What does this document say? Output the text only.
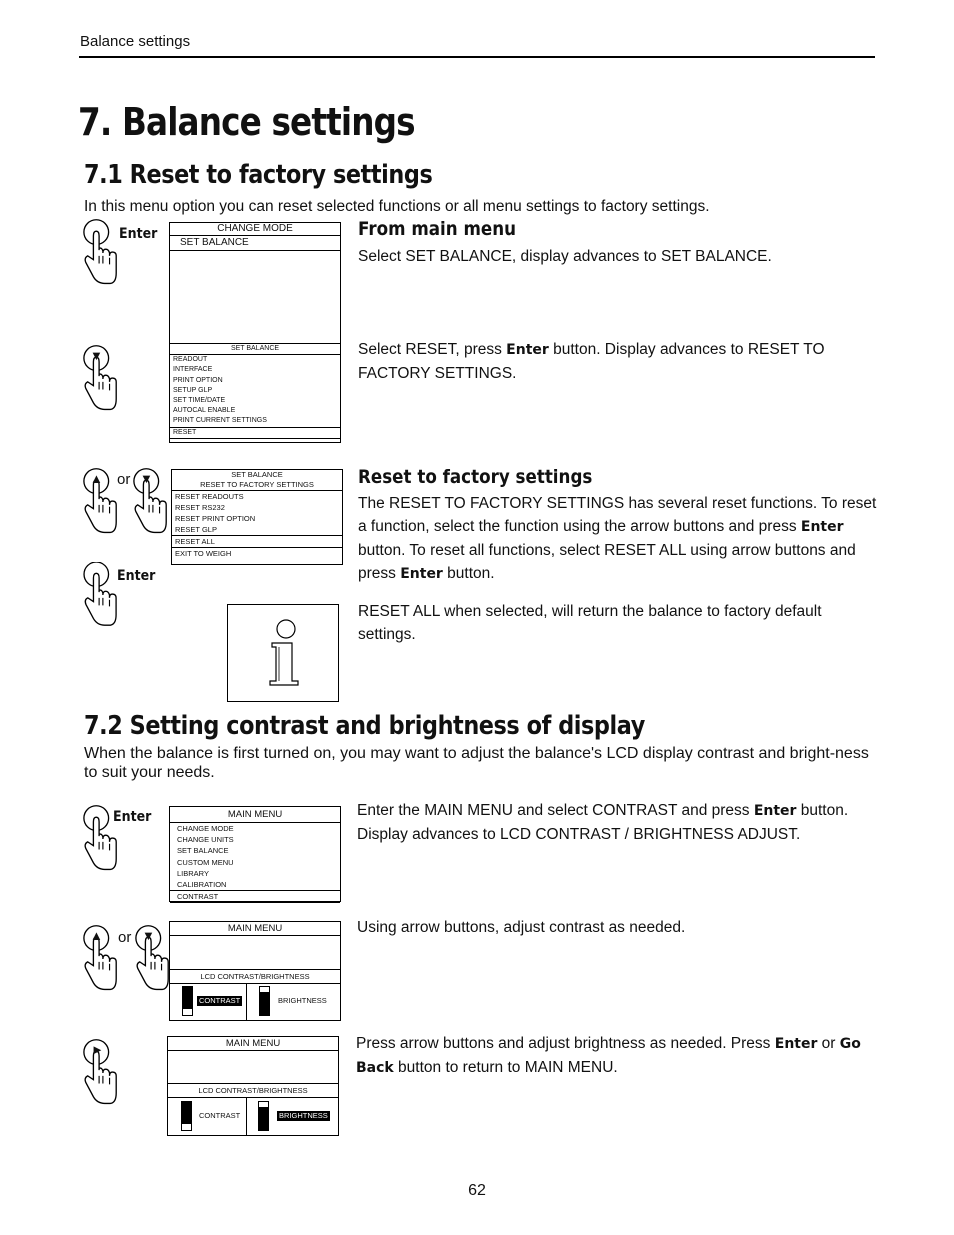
Balance settings
7. Balance settings
7.1 Reset to factory settings
In this menu option you can reset selected functions or all menu settings to factory settings.
Enter	CHANGE MODE
SET BALANCE
From main menu
Select SET BALANCE, display advances to SET BALANCE.
▼	SET BALANCE
READOUT
INTERFACE
PRINT OPTION
SETUP GLP
SET TIME/DATE
AUTOCAL ENABLE
PRINT CURRENT SETTINGS
RESET
Select RESET, press Enter button. Display advances to RESET TO FACTORY SETTINGS.
▲ or ▼	SET BALANCE
RESET TO FACTORY SETTINGS
RESET READOUTS
RESET RS232
RESET PRINT OPTION
RESET GLP
RESET ALL
EXIT TO WEIGH
Enter
Reset to factory settings
The RESET TO FACTORY SETTINGS has several reset functions. To reset a function, select the function using the arrow buttons and press Enter button. To reset all functions, select RESET ALL using arrow buttons and press Enter button.
RESET ALL when selected, will return the balance to factory default settings.
7.2 Setting contrast and brightness of display
When the balance is first turned on, you may want to adjust the balance's LCD display contrast and bright-ness to suit your needs.
Enter	MAIN MENU
CHANGE MODE
CHANGE UNITS
SET BALANCE
CUSTOM MENU
LIBRARY
CALIBRATION
CONTRAST
Enter the MAIN MENU and select CONTRAST and press Enter button. Display advances to LCD CONTRAST / BRIGHTNESS ADJUST.
▲ or ▼	MAIN MENU
LCD CONTRAST/BRIGHTNESS
CONTRAST	BRIGHTNESS
Using arrow buttons, adjust contrast as needed.
►	MAIN MENU
LCD CONTRAST/BRIGHTNESS
CONTRAST	BRIGHTNESS
Press arrow buttons and adjust brightness as needed. Press Enter or Go Back button to return to MAIN MENU.
62
